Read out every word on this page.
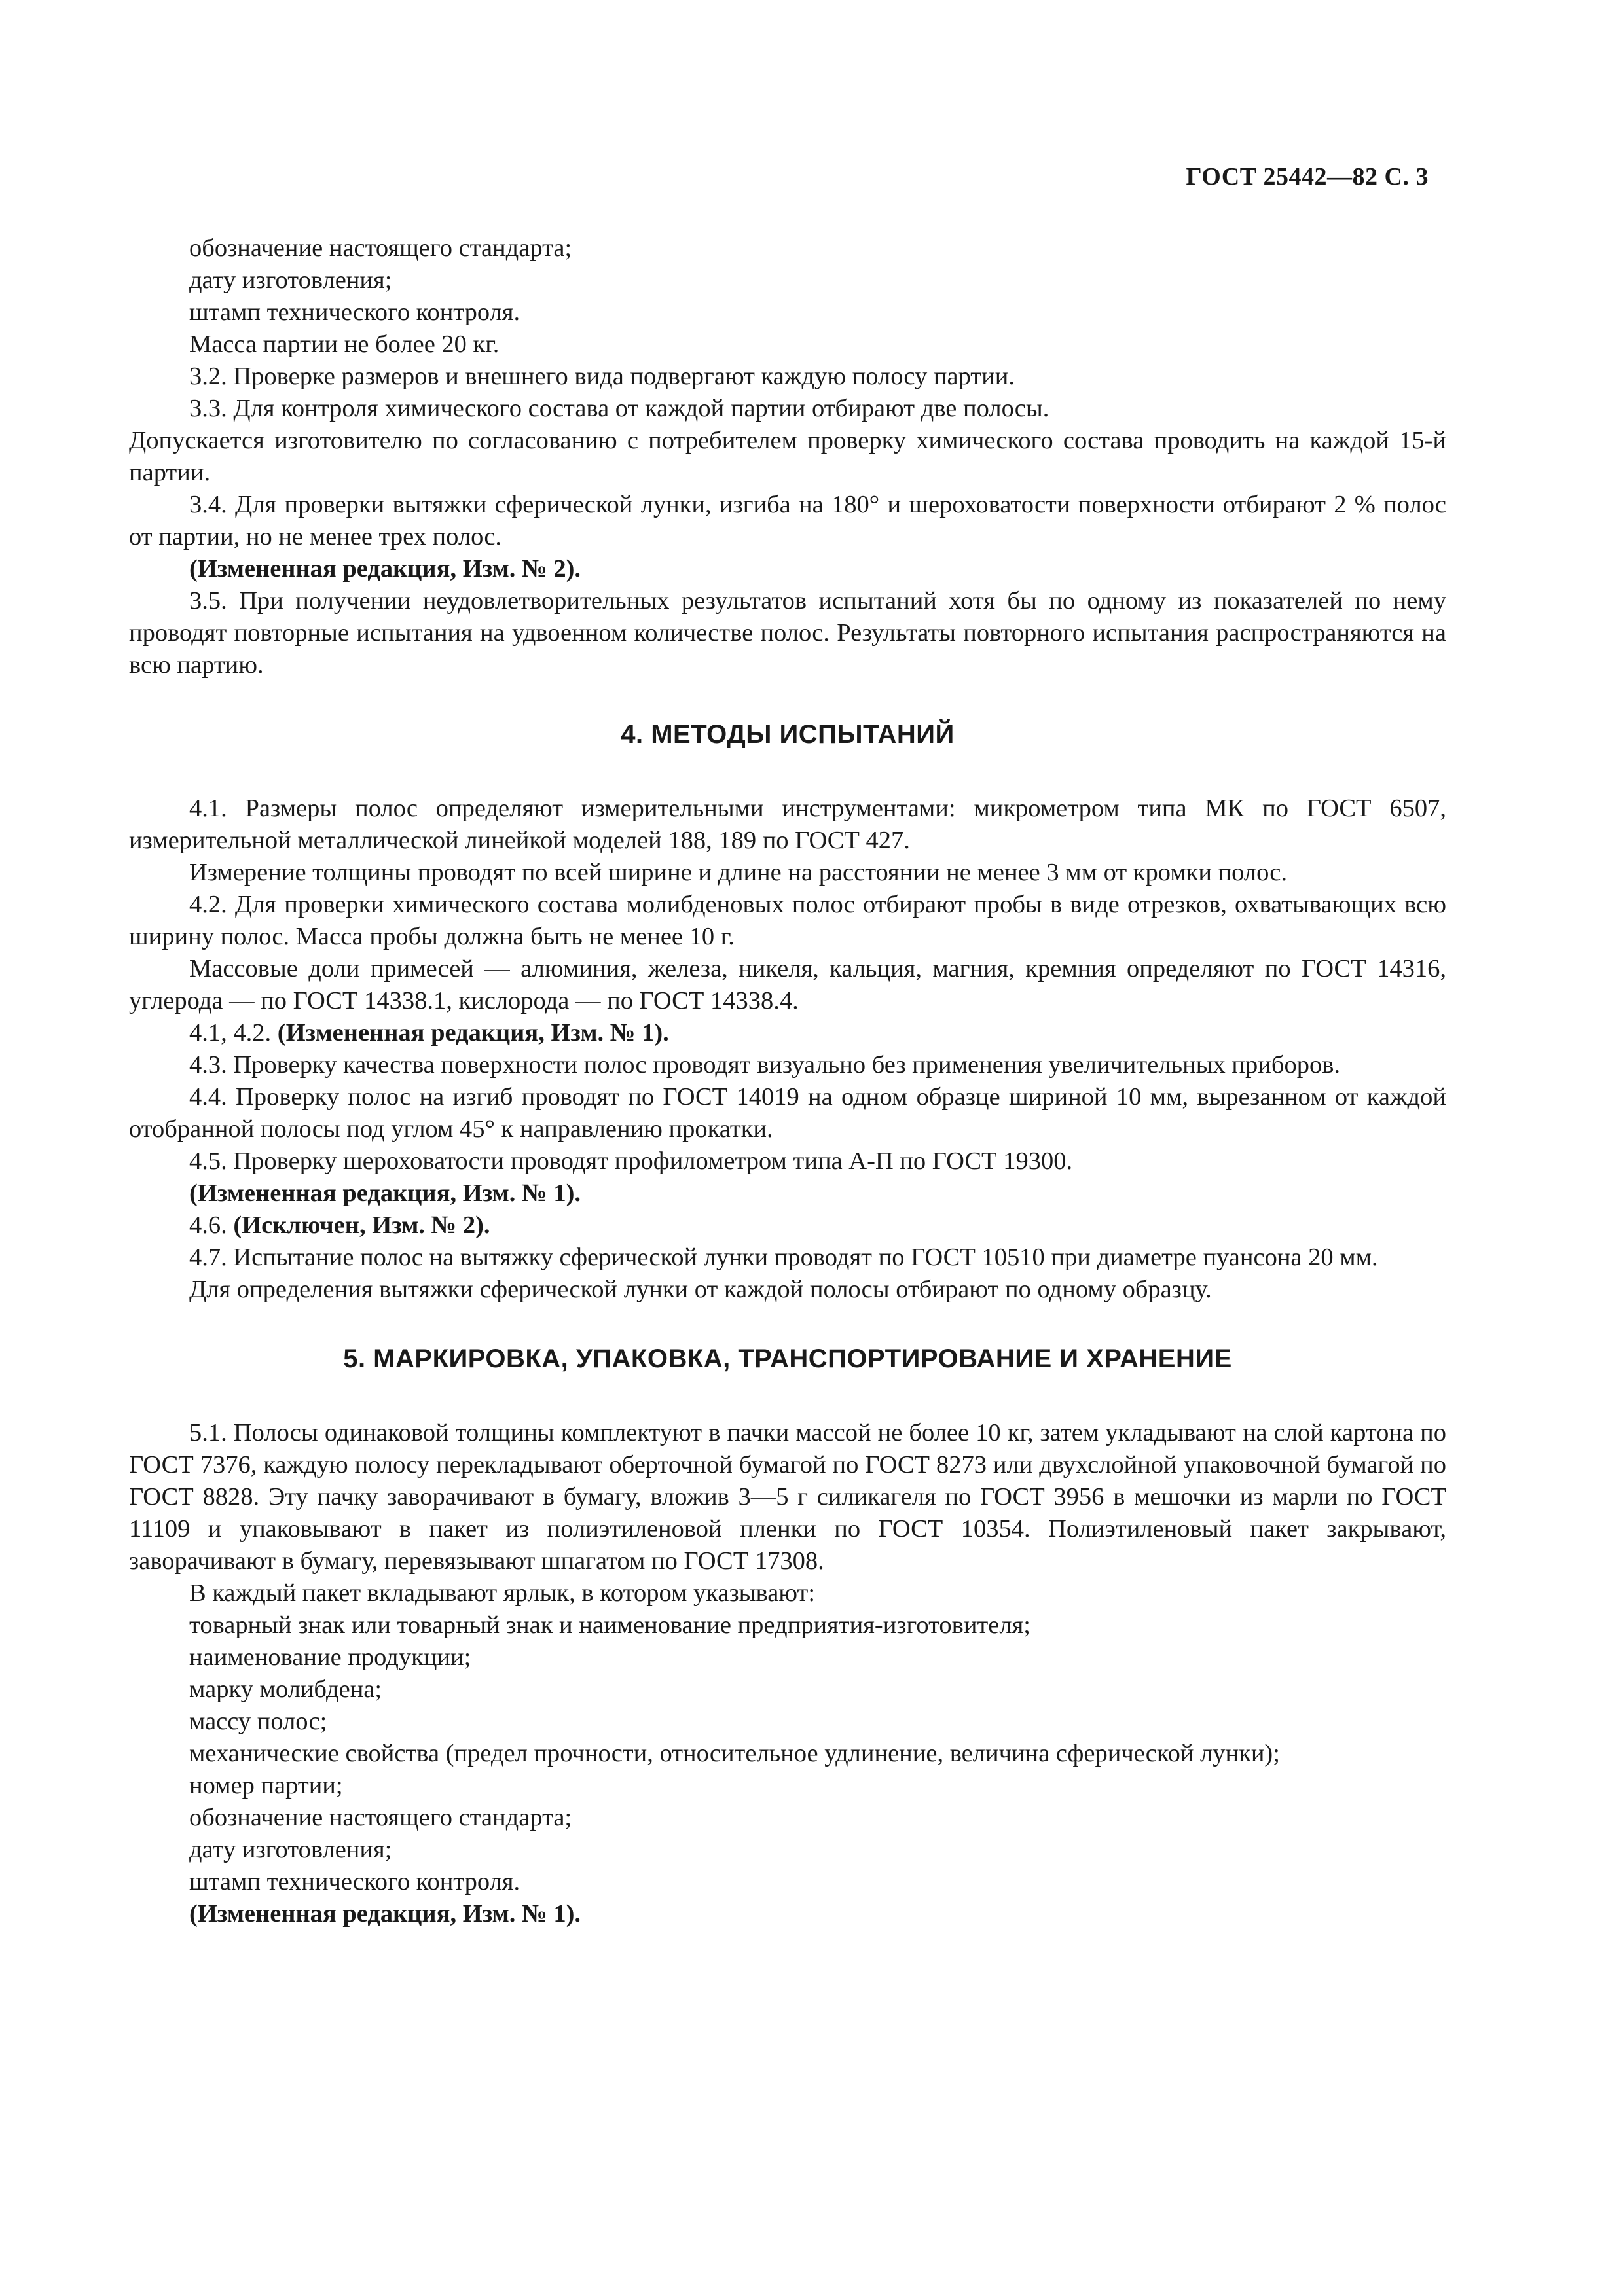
ГОСТ 25442—82 С. 3

обозначение настоящего стандарта;

дату изготовления;

штамп технического контроля.

Масса партии не более 20 кг.

3.2. Проверке размеров и внешнего вида подвергают каждую полосу партии.

3.3. Для контроля химического состава от каждой партии отбирают две полосы.

Допускается изготовителю по согласованию с потребителем проверку химического состава проводить на каждой 15-й партии.

3.4. Для проверки вытяжки сферической лунки, изгиба на 180° и шероховатости поверхности отбирают 2 % полос от партии, но не менее трех полос.

(Измененная редакция, Изм. № 2).

3.5. При получении неудовлетворительных результатов испытаний хотя бы по одному из показателей по нему проводят повторные испытания на удвоенном количестве полос. Результаты повторного испытания распространяются на всю партию.

4. МЕТОДЫ ИСПЫТАНИЙ

4.1. Размеры полос определяют измерительными инструментами: микрометром типа МК по ГОСТ 6507, измерительной металлической линейкой моделей 188, 189 по ГОСТ 427.

Измерение толщины проводят по всей ширине и длине на расстоянии не менее 3 мм от кромки полос.

4.2. Для проверки химического состава молибденовых полос отбирают пробы в виде отрезков, охватывающих всю ширину полос. Масса пробы должна быть не менее 10 г.

Массовые доли примесей — алюминия, железа, никеля, кальция, магния, кремния определяют по ГОСТ 14316, углерода — по ГОСТ 14338.1, кислорода — по ГОСТ 14338.4.

4.1, 4.2. (Измененная редакция, Изм. № 1).

4.3. Проверку качества поверхности полос проводят визуально без применения увеличительных приборов.

4.4. Проверку полос на изгиб проводят по ГОСТ 14019 на одном образце шириной 10 мм, вырезанном от каждой отобранной полосы под углом 45° к направлению прокатки.

4.5. Проверку шероховатости проводят профилометром типа А-П по ГОСТ 19300.

(Измененная редакция, Изм. № 1).

4.6. (Исключен, Изм. № 2).

4.7. Испытание полос на вытяжку сферической лунки проводят по ГОСТ 10510 при диаметре пуансона 20 мм.

Для определения вытяжки сферической лунки от каждой полосы отбирают по одному образцу.

5. МАРКИРОВКА, УПАКОВКА, ТРАНСПОРТИРОВАНИЕ И ХРАНЕНИЕ

5.1. Полосы одинаковой толщины комплектуют в пачки массой не более 10 кг, затем укладывают на слой картона по ГОСТ 7376, каждую полосу перекладывают оберточной бумагой по ГОСТ 8273 или двухслойной упаковочной бумагой по ГОСТ 8828. Эту пачку заворачивают в бумагу, вложив 3—5 г силикагеля по ГОСТ 3956 в мешочки из марли по ГОСТ 11109 и упаковывают в пакет из полиэтиленовой пленки по ГОСТ 10354. Полиэтиленовый пакет закрывают, заворачивают в бумагу, перевязывают шпагатом по ГОСТ 17308.

В каждый пакет вкладывают ярлык, в котором указывают:

товарный знак или товарный знак и наименование предприятия-изготовителя;

наименование продукции;

марку молибдена;

массу полос;

механические свойства (предел прочности, относительное удлинение, величина сферической лунки);

номер партии;

обозначение настоящего стандарта;

дату изготовления;

штамп технического контроля.

(Измененная редакция, Изм. № 1).
